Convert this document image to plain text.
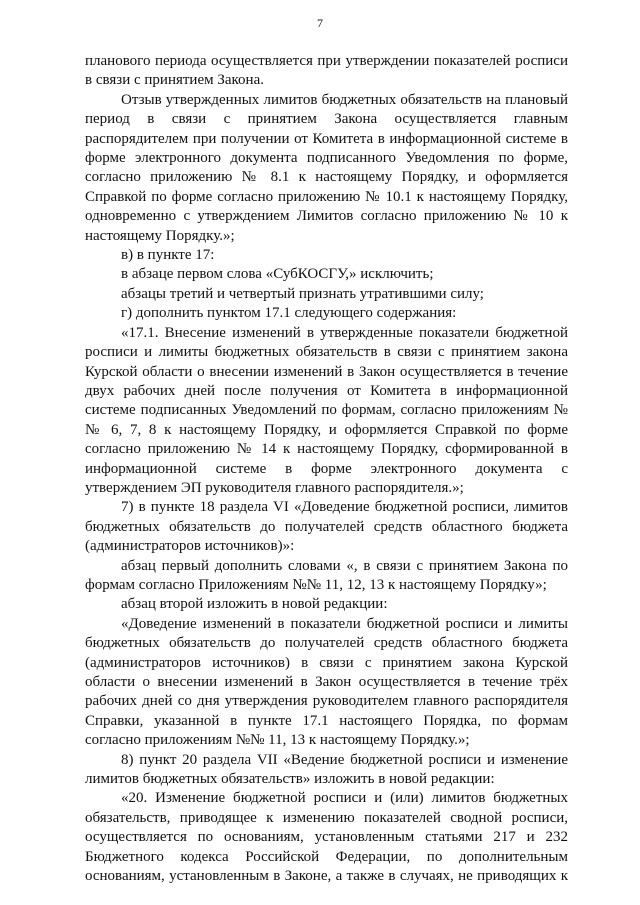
7

планового периода осуществляется при утверждении показателей росписи в связи с принятием Закона.

Отзыв утвержденных лимитов бюджетных обязательств на плановый период в связи с принятием Закона осуществляется главным распорядителем при получении от Комитета в информационной системе в форме электронного документа подписанного Уведомления по форме, согласно приложению № 8.1 к настоящему Порядку, и оформляется Справкой по форме согласно приложению № 10.1 к настоящему Порядку, одновременно с утверждением Лимитов согласно приложению № 10 к настоящему Порядку.»;

в) в пункте 17:

в абзаце первом слова «СубКОСГУ,» исключить;

абзацы третий и четвертый признать утратившими силу;

г) дополнить пунктом 17.1 следующего содержания:

«17.1. Внесение изменений в утвержденные показатели бюджетной росписи и лимиты бюджетных обязательств в связи с принятием закона Курской области о внесении изменений в Закон осуществляется в течение двух рабочих дней после получения от Комитета в информационной системе подписанных Уведомлений по формам, согласно приложениям №№ 6, 7, 8 к настоящему Порядку, и оформляется Справкой по форме согласно приложению № 14 к настоящему Порядку, сформированной в информационной системе в форме электронного документа с утверждением ЭП руководителя главного распорядителя.»;

7) в пункте 18 раздела VI «Доведение бюджетной росписи, лимитов бюджетных обязательств до получателей средств областного бюджета (администраторов источников)»:

абзац первый дополнить словами «, в связи с принятием Закона по формам согласно Приложениям №№ 11, 12, 13 к настоящему Порядку»;

абзац второй изложить в новой редакции:

«Доведение изменений в показатели бюджетной росписи и лимиты бюджетных обязательств до получателей средств областного бюджета (администраторов источников) в связи с принятием закона Курской области о внесении изменений в Закон осуществляется в течение трёх рабочих дней со дня утверждения руководителем главного распорядителя Справки, указанной в пункте 17.1 настоящего Порядка, по формам согласно приложениям №№ 11, 13 к настоящему Порядку.»;

8) пункт 20 раздела VII «Ведение бюджетной росписи и изменение лимитов бюджетных обязательств» изложить в новой редакции:

«20. Изменение бюджетной росписи и (или) лимитов бюджетных обязательств, приводящее к изменению показателей сводной росписи, осуществляется по основаниям, установленным статьями 217 и 232 Бюджетного кодекса Российской Федерации, по дополнительным основаниям, установленным в Законе, а также в случаях, не приводящих к
